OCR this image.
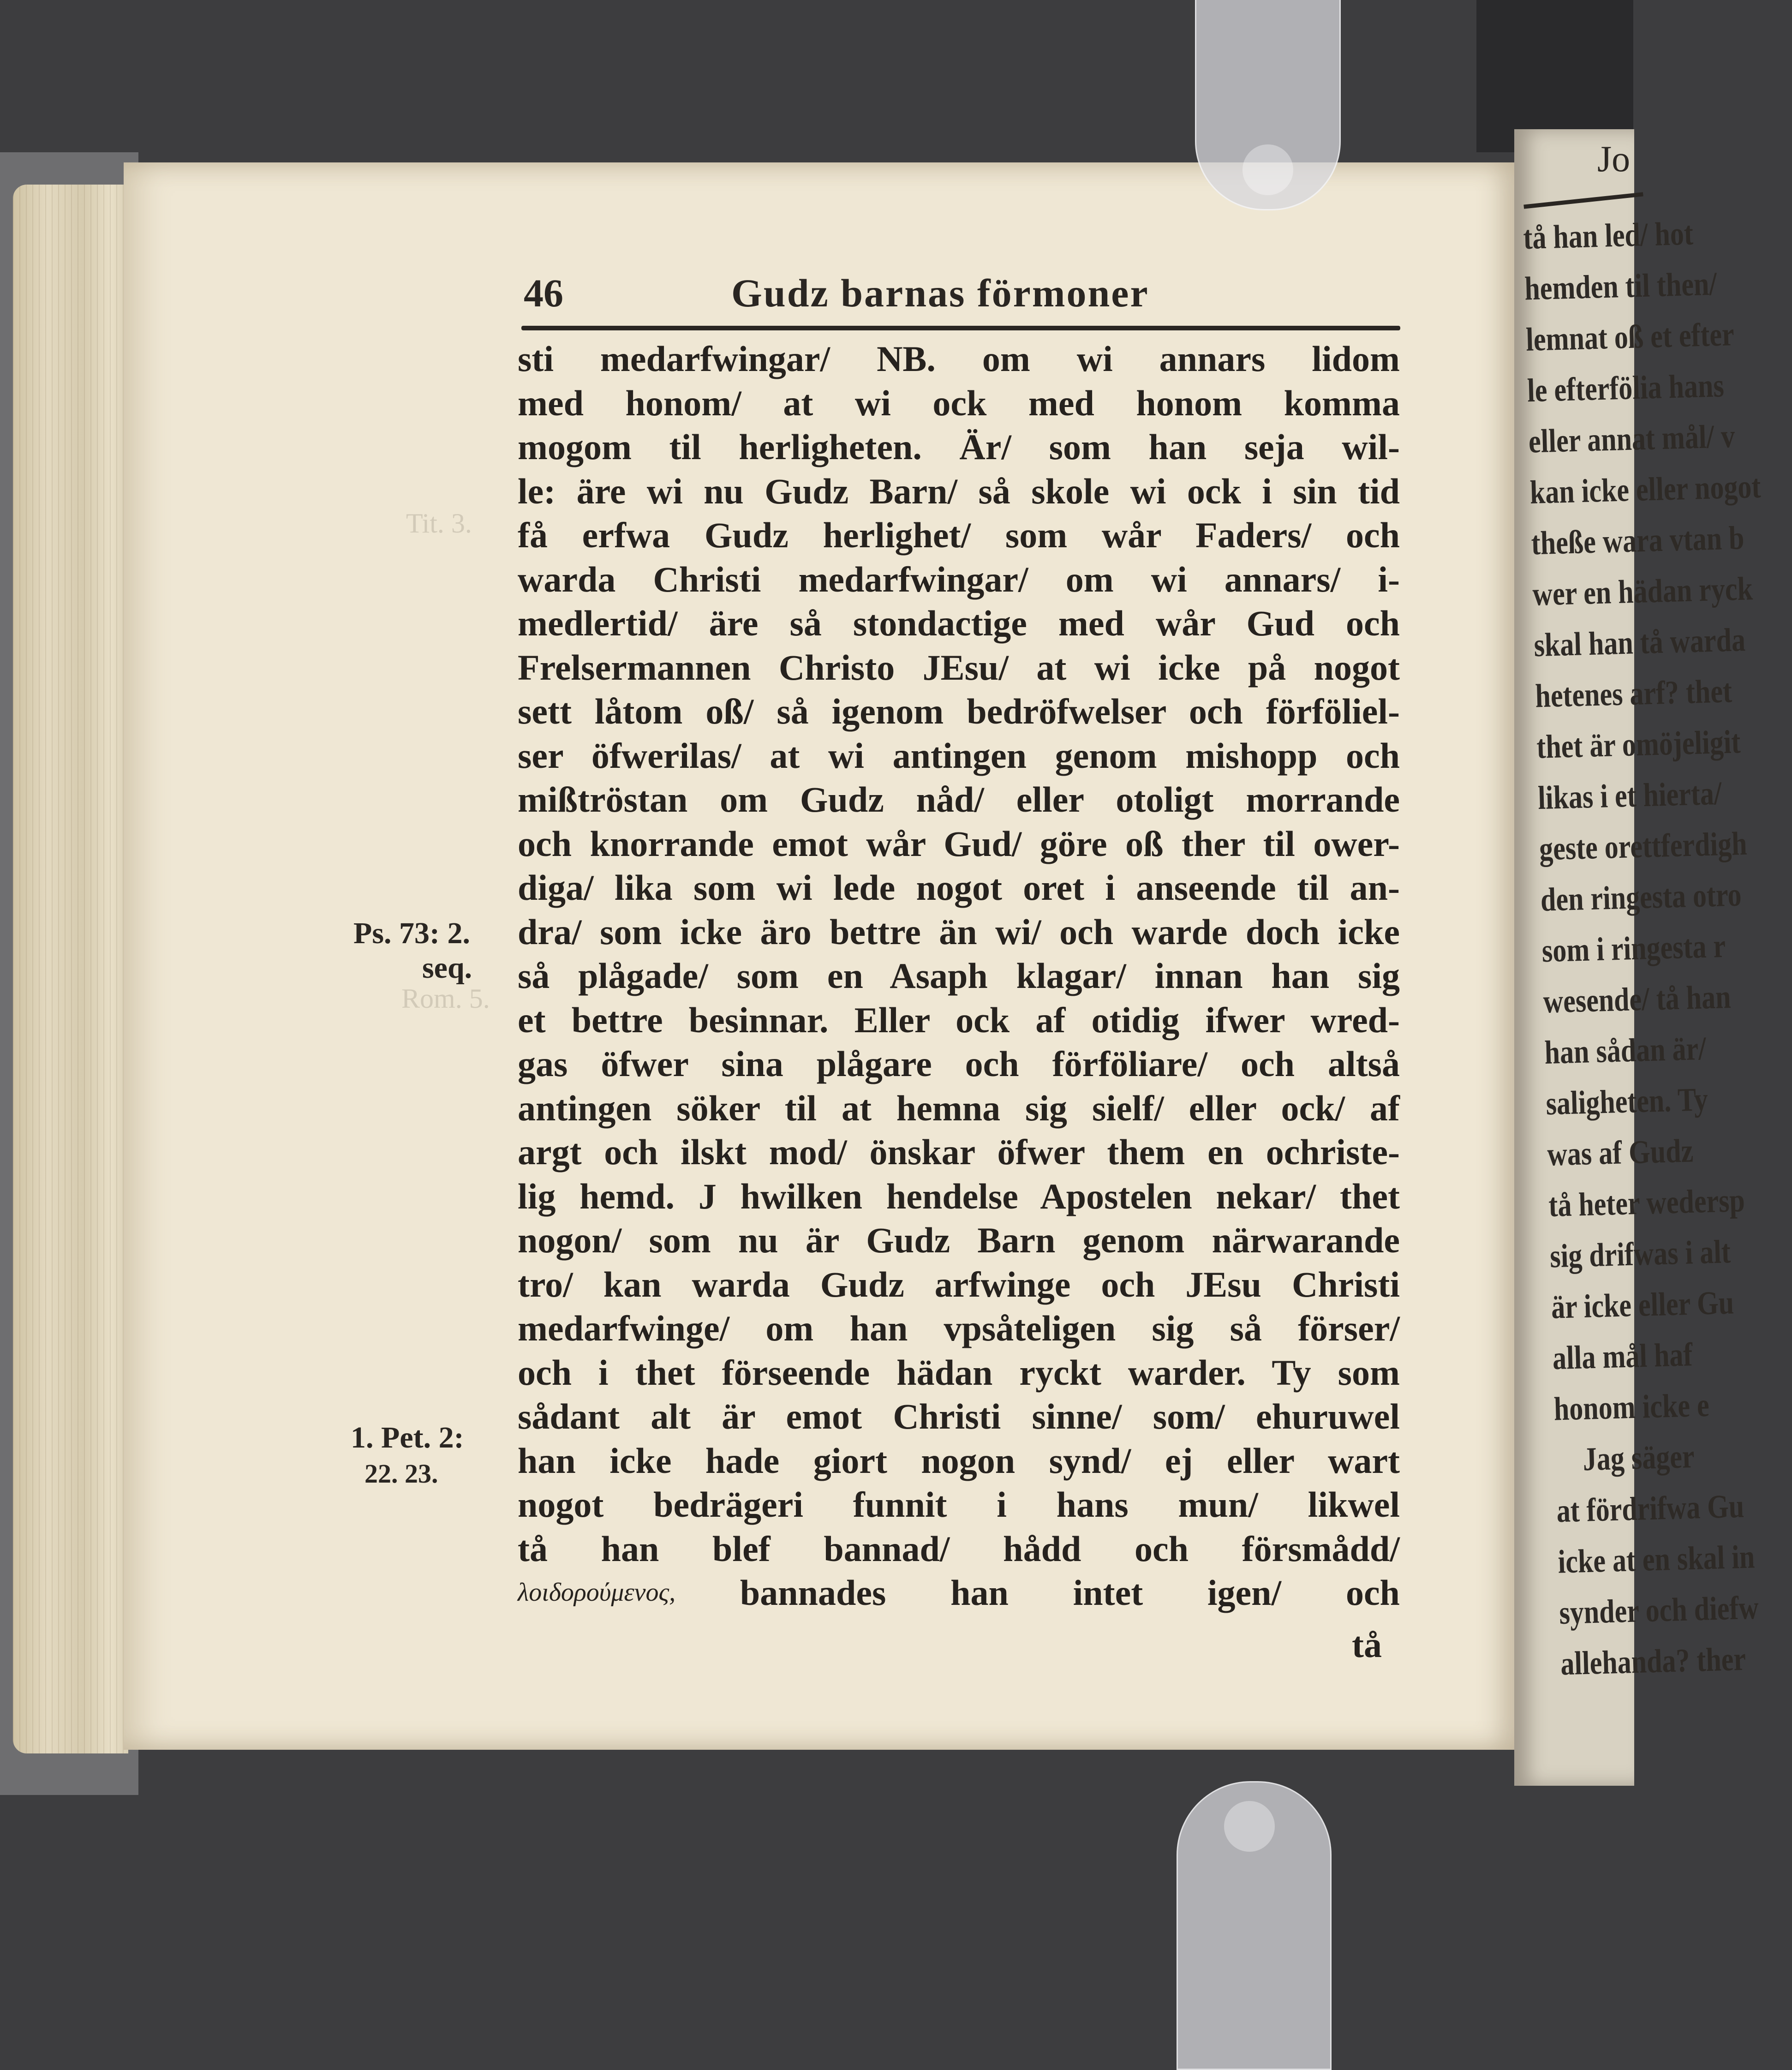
46	Gudz barnas förmoner
Tit. 3.
Rom. 5.
Ps. 73: 2.
seq.
1. Pet. 2:
22. 23.
sti medarfwingar/ NB. om wi annars lidom
med honom/ at wi ock med honom komma
mogom til herligheten. Är/ som han seja wil-
le: äre wi nu Gudz Barn/ så skole wi ock i sin tid
få erfwa Gudz herlighet/ som wår Faders/ och
warda Christi medarfwingar/ om wi annars/ i-
medlertid/ äre så stondactige med wår Gud och
Frelsermannen Christo JEsu/ at wi icke på nogot
sett låtom oß/ så igenom bedröfwelser och förföliel-
ser öfwerilas/ at wi antingen genom mishopp och
mißtröstan om Gudz nåd/ eller otoligt morrande
och knorrande emot wår Gud/ göre oß ther til ower-
diga/ lika som wi lede nogot oret i anseende til an-
dra/ som icke äro bettre än wi/ och warde doch icke
så plågade/ som en Asaph klagar/ innan han sig
et bettre besinnar. Eller ock af otidig ifwer wred-
gas öfwer sina plågare och förföliare/ och altså
antingen söker til at hemna sig sielf/ eller ock/ af
argt och ilskt mod/ önskar öfwer them en ochriste-
lig hemd. J hwilken hendelse Apostelen nekar/ thet
nogon/ som nu är Gudz Barn genom närwarande
tro/ kan warda Gudz arfwinge och JEsu Christi
medarfwinge/ om han vpsåteligen sig så förser/
och i thet förseende hädan ryckt warder. Ty som
sådant alt är emot Christi sinne/ som/ ehuruwel
han icke hade giort nogon synd/ ej eller wart
nogot bedrägeri funnit i hans mun/ likwel
tå han blef bannad/ hådd och försmådd/
λοιδορούμενος, bannades han intet igen/ och
tå
Jo
tå han led/ hot
hemden til then/
lemnat oß et efter
le efterfölia hans
eller annat mål/ v
kan icke eller nogot
theße wara vtan b
wer en hädan ryck
skal han tå warda
hetenes arf? thet
thet är omöjeligit
likas i et hierta/
geste orettferdigh
den ringesta otro
som i ringesta r
wesende/ tå han
han sådan är/
saligheten. Ty
was af Gudz
tå heter wedersp
sig drifwas i alt
är icke eller Gu
alla mål haf
honom icke e
Jag säger
at fördrifwa Gu
icke at en skal in
synder och diefw
allehanda? ther
